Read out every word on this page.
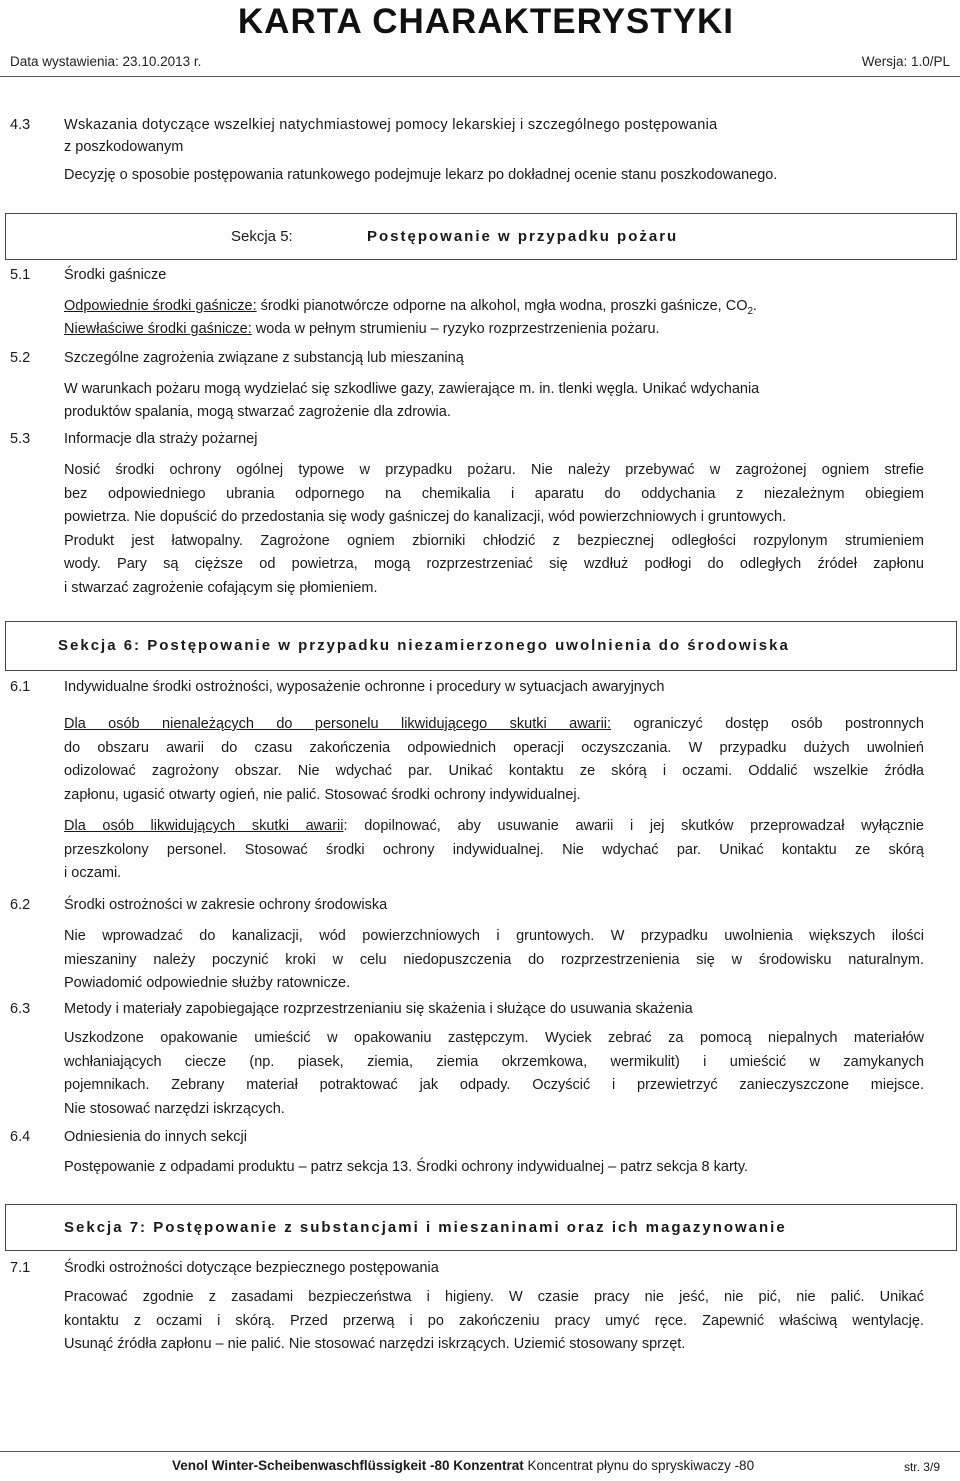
KARTA CHARAKTERYSTYKI
Data wystawienia: 23.10.2013 r.	Wersja: 1.0/PL
4.3 Wskazania dotyczące wszelkiej natychmiastowej pomocy lekarskiej i szczególnego postępowania
z poszkodowanym
Decyzję o sposobie postępowania ratunkowego podejmuje lekarz po dokładnej ocenie stanu poszkodowanego.
Sekcja 5:	Postępowanie w przypadku pożaru
5.1 Środki gaśnicze
Odpowiednie środki gaśnicze: środki pianotwórcze odporne na alkohol, mgła wodna, proszki gaśnicze, $CO_2$.
Niewłaściwe środki gaśnicze: woda w pełnym strumieniu – ryzyko rozprzestrzenienia pożaru.
5.2 Szczególne zagrożenia związane z substancją lub mieszaniną
W warunkach pożaru mogą wydzielać się szkodliwe gazy, zawierające m. in. tlenki węgla. Unikać wdychania
produktów spalania, mogą stwarzać zagrożenie dla zdrowia.
5.3 Informacje dla straży pożarnej
Nosić środki ochrony ogólnej typowe w przypadku pożaru. Nie należy przebywać w zagrożonej ogniem strefie
bez odpowiedniego ubrania odpornego na chemikalia i aparatu do oddychania z niezależnym obiegiem
powietrza. Nie dopuścić do przedostania się wody gaśniczej do kanalizacji, wód powierzchniowych i gruntowych.
Produkt jest łatwopalny. Zagrożone ogniem zbiorniki chłodzić z bezpiecznej odległości rozpylonym strumieniem
wody. Pary są cięższe od powietrza, mogą rozprzestrzeniać się wzdłuż podłogi do odległych źródeł zapłonu
i stwarzać zagrożenie cofającym się płomieniem.
Sekcja 6: Postępowanie w przypadku niezamierzonego uwolnienia do środowiska
6.1 Indywidualne środki ostrożności, wyposażenie ochronne i procedury w sytuacjach awaryjnych
Dla osób nienależących do personelu likwidującego skutki awarii: ograniczyć dostęp osób postronnych
do obszaru awarii do czasu zakończenia odpowiednich operacji oczyszczania. W przypadku dużych uwolnień
odizolować zagrożony obszar. Nie wdychać par. Unikać kontaktu ze skórą i oczami. Oddalić wszelkie źródła
zapłonu, ugasić otwarty ogień, nie palić. Stosować środki ochrony indywidualnej.
Dla osób likwidujących skutki awarii: dopilnować, aby usuwanie awarii i jej skutków przeprowadzał wyłącznie
przeszkolony personel. Stosować środki ochrony indywidualnej. Nie wdychać par. Unikać kontaktu ze skórą
i oczami.
6.2 Środki ostrożności w zakresie ochrony środowiska
Nie wprowadzać do kanalizacji, wód powierzchniowych i gruntowych. W przypadku uwolnienia większych ilości
mieszaniny należy poczynić kroki w celu niedopuszczenia do rozprzestrzenienia się w środowisku naturalnym.
Powiadomić odpowiednie służby ratownicze.
6.3 Metody i materiały zapobiegające rozprzestrzenianiu się skażenia i służące do usuwania skażenia
Uszkodzone opakowanie umieścić w opakowaniu zastępczym. Wyciek zebrać za pomocą niepalnych materiałów
wchłaniających ciecze (np. piasek, ziemia, ziemia okrzemkowa, wermikulit) i umieścić w zamykanych
pojemnikach. Zebrany materiał potraktować jak odpady. Oczyścić i przewietrzyć zanieczyszczone miejsce.
Nie stosować narzędzi iskrzących.
6.4 Odniesienia do innych sekcji
Postępowanie z odpadami produktu – patrz sekcja 13. Środki ochrony indywidualnej – patrz sekcja 8 karty.
Sekcja 7: Postępowanie z substancjami i mieszaninami oraz ich magazynowanie
7.1 Środki ostrożności dotyczące bezpiecznego postępowania
Pracować zgodnie z zasadami bezpieczeństwa i higieny. W czasie pracy nie jeść, nie pić, nie palić. Unikać
kontaktu z oczami i skórą. Przed przerwą i po zakończeniu pracy umyć ręce. Zapewnić właściwą wentylację.
Usunąć źródła zapłonu – nie palić. Nie stosować narzędzi iskrzących. Uziemić stosowany sprzęt.
Venol Winter-Scheibenwaschflüssigkeit -80 Konzentrat Koncentrat płynu do spryskiwaczy -80	str. 3/9
